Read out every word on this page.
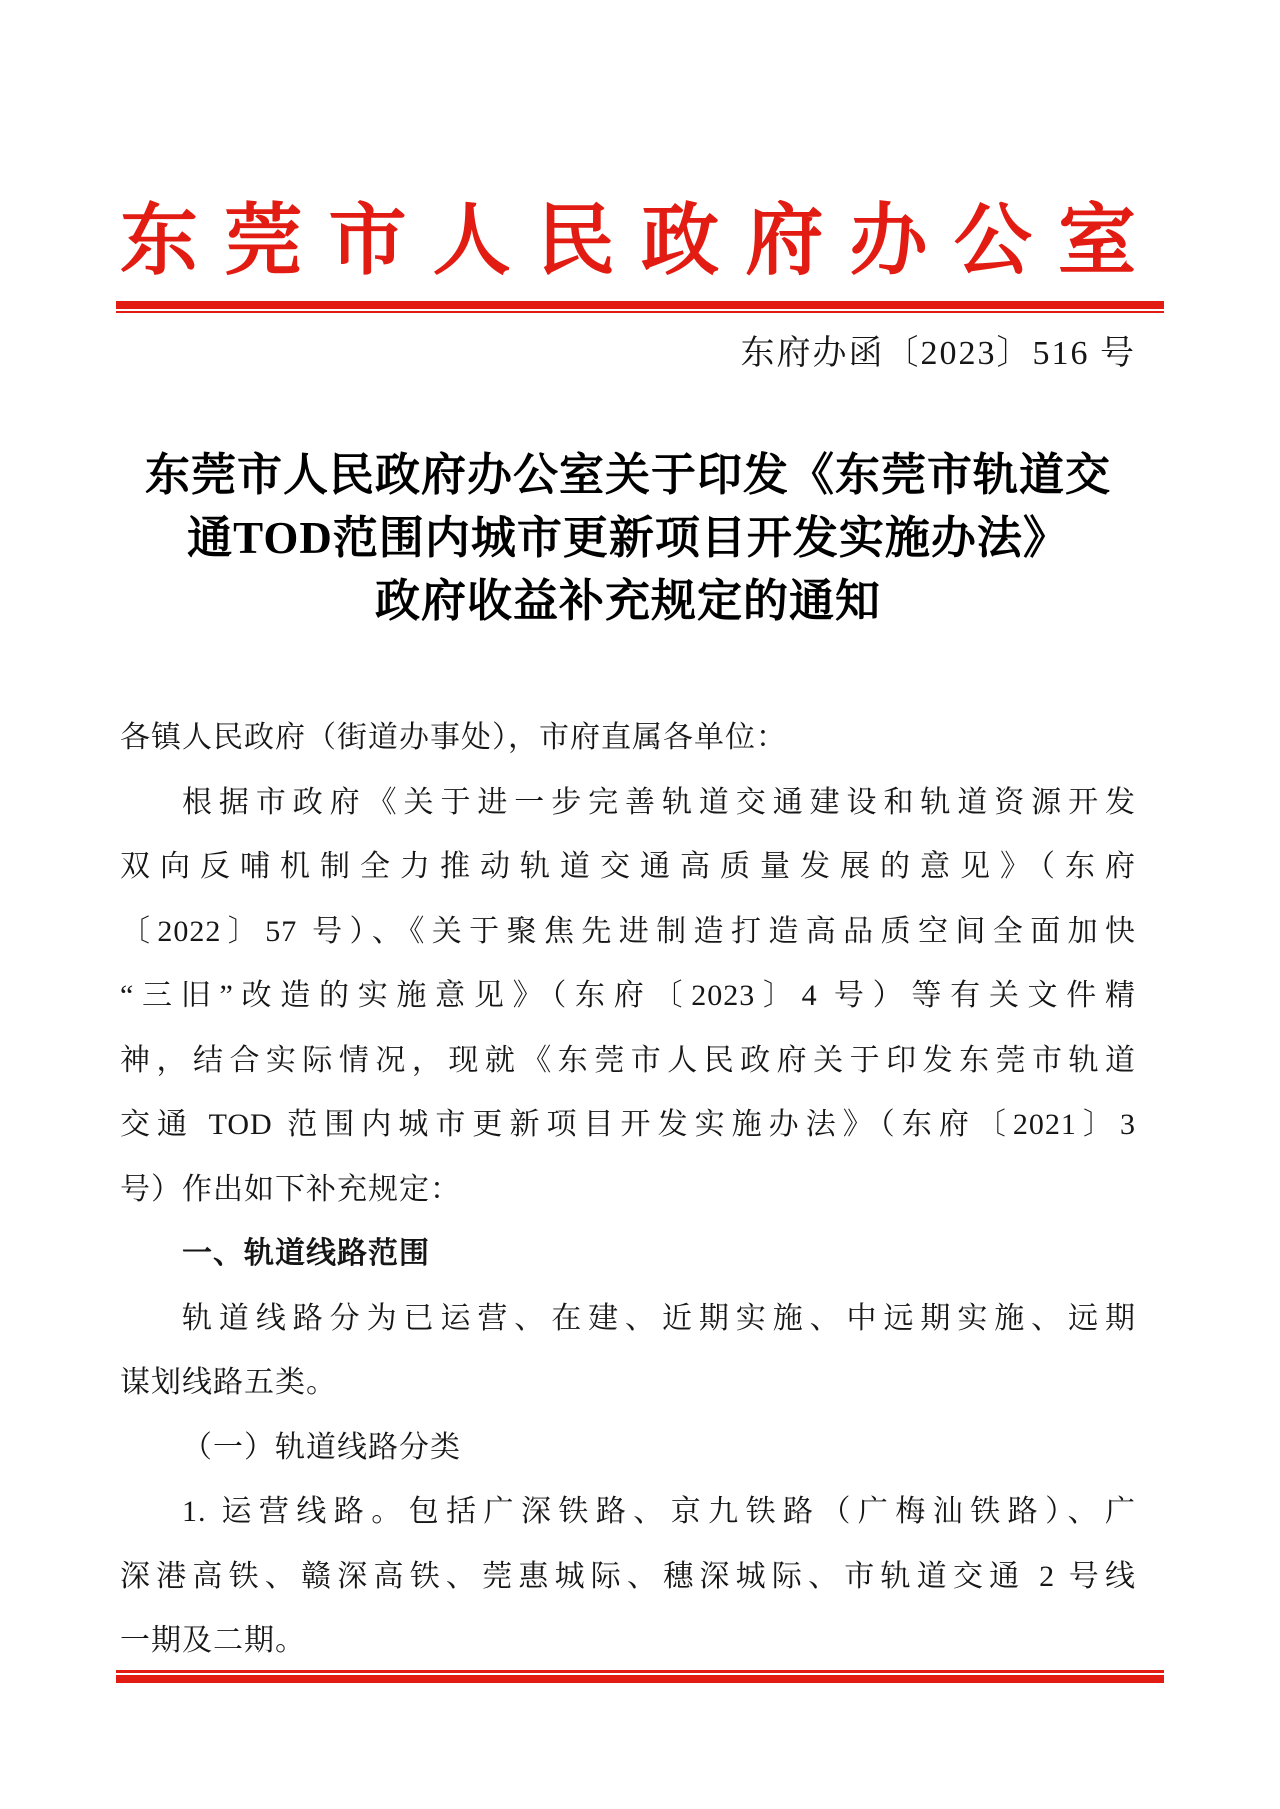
东莞市人民政府办公室
东府办函〔2023〕516 号
东莞市人民政府办公室关于印发《东莞市轨道交
通TOD范围内城市更新项目开发实施办法》
政府收益补充规定的通知
各镇人民政府（街道办事处），市府直属各单位：
根据市政府《关于进一步完善轨道交通建设和轨道资源开发
双向反哺机制全力推动轨道交通高质量发展的意见》（东府
〔2022〕57 号）、《关于聚焦先进制造打造高品质空间全面加快
“三旧”改造的实施意见》（东府〔2023〕4 号）等有关文件精
神，结合实际情况，现就《东莞市人民政府关于印发东莞市轨道
交通 TOD 范围内城市更新项目开发实施办法》（东府〔2021〕3
号）作出如下补充规定：
一、轨道线路范围
轨道线路分为已运营、在建、近期实施、中远期实施、远期
谋划线路五类。
（一）轨道线路分类
1. 运营线路。包括广深铁路、京九铁路（广梅汕铁路）、广
深港高铁、赣深高铁、莞惠城际、穗深城际、市轨道交通 2 号线
一期及二期。
